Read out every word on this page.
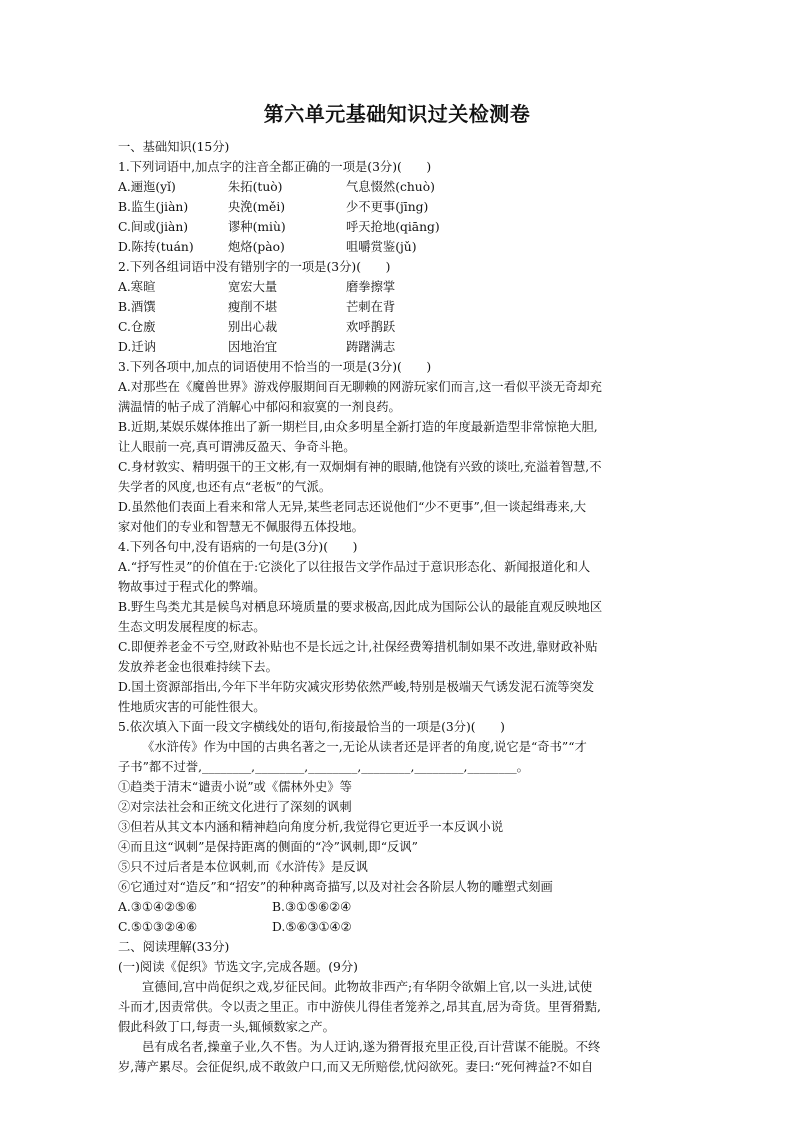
第六单元基础知识过关检测卷
一、基础知识(15分)
1.下列词语中,加点字的注音全都正确的一项是(3分)(　　)
A.逦迤(yǐ)	朱拓(tuò)	气息惙然(chuò)
B.监生(jiàn)	央浼(měi)	少不更事(jīng)
C.间或(jiàn)	谬种(miù)	呼天抢地(qiāng)
D.陈抟(tuán)	炮烙(pào)	咀嚼赏鉴(jǔ)
2.下列各组词语中没有错别字的一项是(3分)(　　)
A.寒暄	宽宏大量	磨拳擦掌
B.酒馔	瘦削不堪	芒刺在背
C.仓廒	别出心裁	欢呼鹊跃
D.迁讷	因地治宜	踌躇满志
3.下列各项中,加点的词语使用不恰当的一项是(3分)(　　)
A.对那些在《魔兽世界》游戏停服期间百无聊赖的网游玩家们而言,这一看似平淡无奇却充
满温情的帖子成了消解心中郁闷和寂寞的一剂良药。
B.近期,某娱乐媒体推出了新一期栏目,由众多明星全新打造的年度最新造型非常惊艳大胆,
让人眼前一亮,真可谓沸反盈天、争奇斗艳。
C.身材敦实、精明强干的王文彬,有一双炯炯有神的眼睛,他饶有兴致的谈吐,充溢着智慧,不
失学者的风度,也还有点“老板”的气派。
D.虽然他们表面上看来和常人无异,某些老同志还说他们“少不更事”,但一谈起缉毒来,大
家对他们的专业和智慧无不佩服得五体投地。
4.下列各句中,没有语病的一句是(3分)(　　)
A.“抒写性灵”的价值在于:它淡化了以往报告文学作品过于意识形态化、新闻报道化和人
物故事过于程式化的弊端。
B.野生鸟类尤其是候鸟对栖息环境质量的要求极高,因此成为国际公认的最能直观反映地区
生态文明发展程度的标志。
C.即便养老金不亏空,财政补贴也不是长远之计,社保经费筹措机制如果不改进,靠财政补贴
发放养老金也很难持续下去。
D.国土资源部指出,今年下半年防灾减灾形势依然严峻,特别是极端天气诱发泥石流等突发
性地质灾害的可能性很大。
5.依次填入下面一段文字横线处的语句,衔接最恰当的一项是(3分)(　　)
《水浒传》作为中国的古典名著之一,无论从读者还是评者的角度,说它是“奇书”“才
子书”都不过誉,________,________,________,________,________,________。
①趋类于清末“谴责小说”或《儒林外史》等
②对宗法社会和正统文化进行了深刻的讽刺
③但若从其文本内涵和精神趋向角度分析,我觉得它更近乎一本反讽小说
④而且这“讽刺”是保持距离的侧面的“冷”讽刺,即“反讽”
⑤只不过后者是本位讽刺,而《水浒传》是反讽
⑥它通过对“造反”和“招安”的种种离奇描写,以及对社会各阶层人物的雕塑式刻画
A.③①④②⑤⑥	B.③①⑤⑥②④
C.⑤①③②④⑥	D.⑤⑥③①④②
二、阅读理解(33分)
(一)阅读《促织》节选文字,完成各题。(9分)
宣德间,宫中尚促织之戏,岁征民间。此物故非西产;有华阴令欲媚上官,以一头进,试使
斗而才,因责常供。令以责之里正。市中游侠儿得佳者笼养之,昂其直,居为奇货。里胥猾黠,
假此科敛丁口,每责一头,辄倾数家之产。
邑有成名者,操童子业,久不售。为人迂讷,遂为猾胥报充里正役,百计营谋不能脱。不终
岁,薄产累尽。会征促织,成不敢敛户口,而又无所赔偿,忧闷欲死。妻曰:“死何裨益?不如自
